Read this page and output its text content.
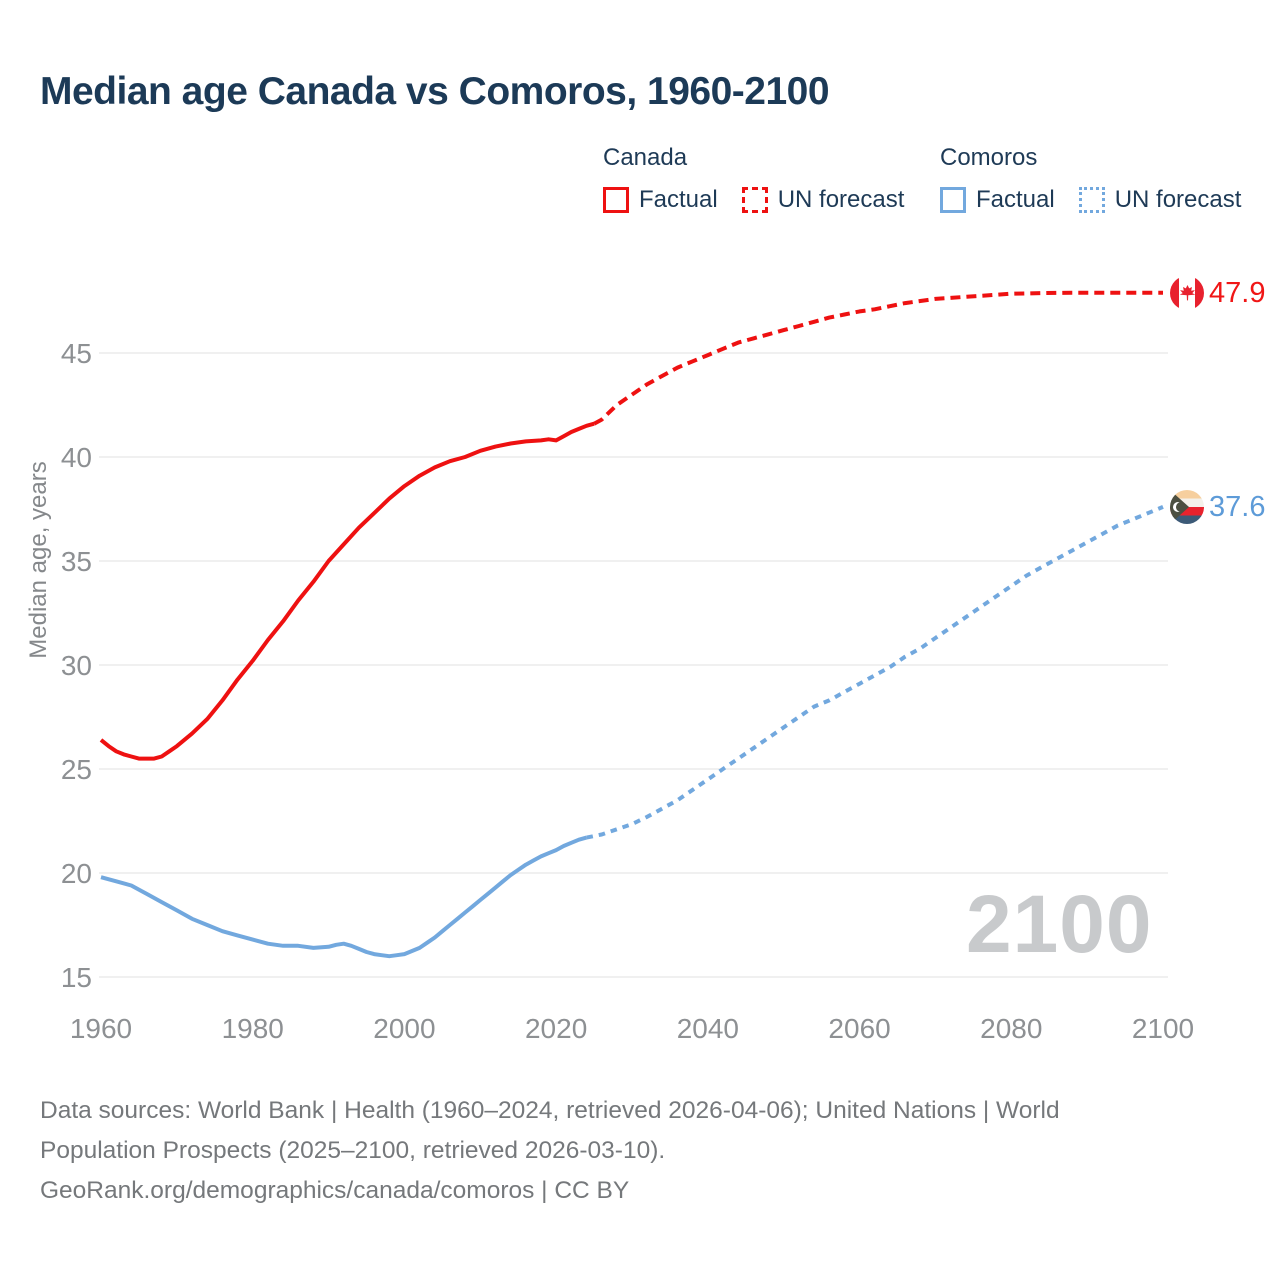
Median age Canada vs Comoros, 1960-2100
Canada
Factual	UN forecast
Comoros
Factual	UN forecast
2100
15
20
25
30
35
40
45
1960	1980	2000	2020	2040	2060	2080	2100
Median age, years
47.9
37.6
Data sources: World Bank | Health (1960–2024, retrieved 2026-04-06); United Nations | World
Population Prospects (2025–2100, retrieved 2026-03-10).
GeoRank.org/demographics/canada/comoros | CC BY
